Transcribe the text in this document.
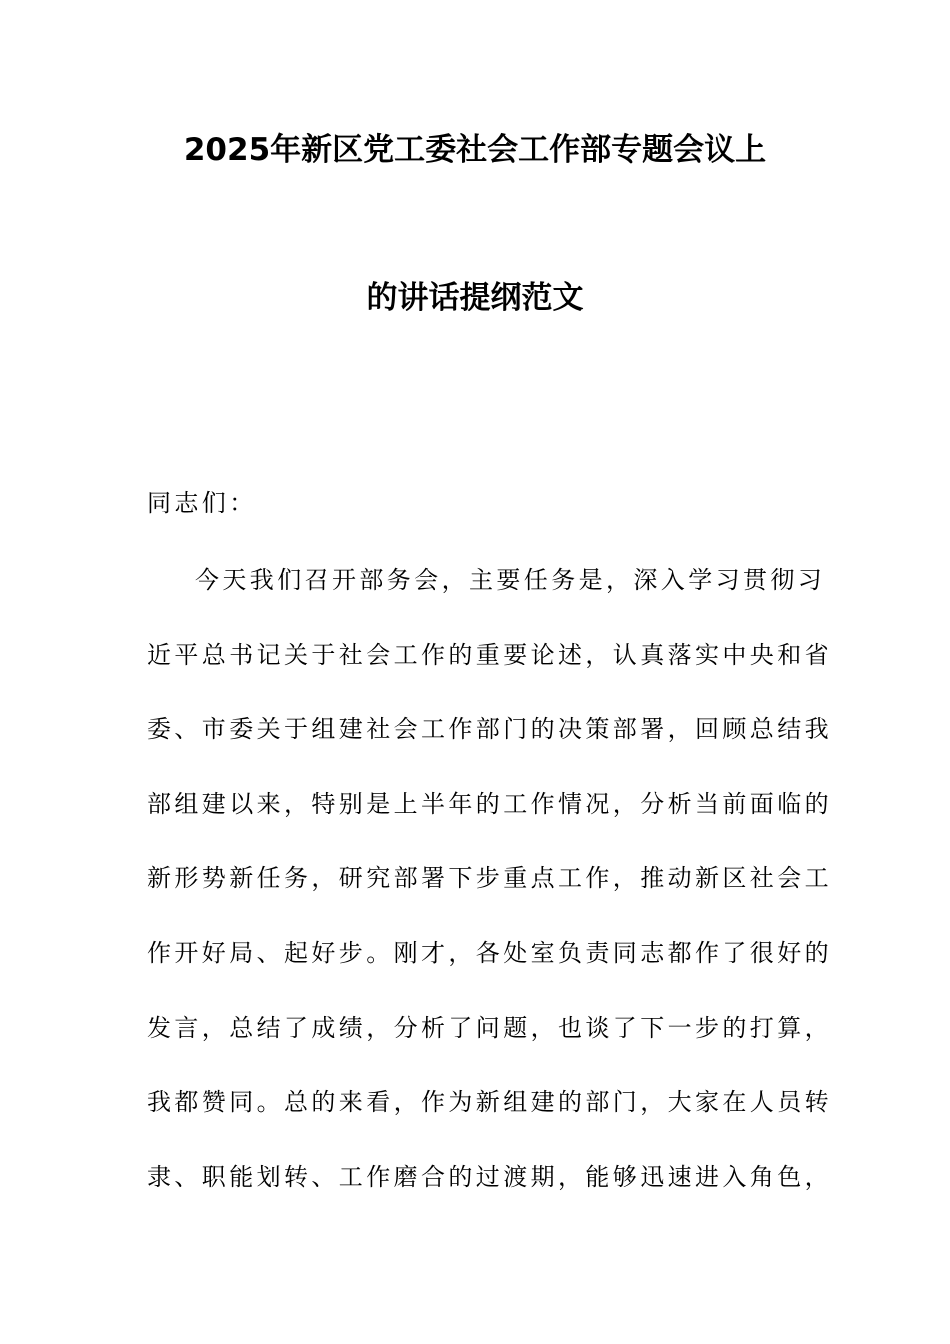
2025年新区党工委社会工作部专题会议上
的讲话提纲范文
同志们：
今天我们召开部务会，主要任务是，深入学习贯彻习
近平总书记关于社会工作的重要论述，认真落实中央和省
委、市委关于组建社会工作部门的决策部署，回顾总结我
部组建以来，特别是上半年的工作情况，分析当前面临的
新形势新任务，研究部署下步重点工作，推动新区社会工
作开好局、起好步。刚才，各处室负责同志都作了很好的
发言，总结了成绩，分析了问题，也谈了下一步的打算，
我都赞同。总的来看，作为新组建的部门，大家在人员转
隶、职能划转、工作磨合的过渡期，能够迅速进入角色，
